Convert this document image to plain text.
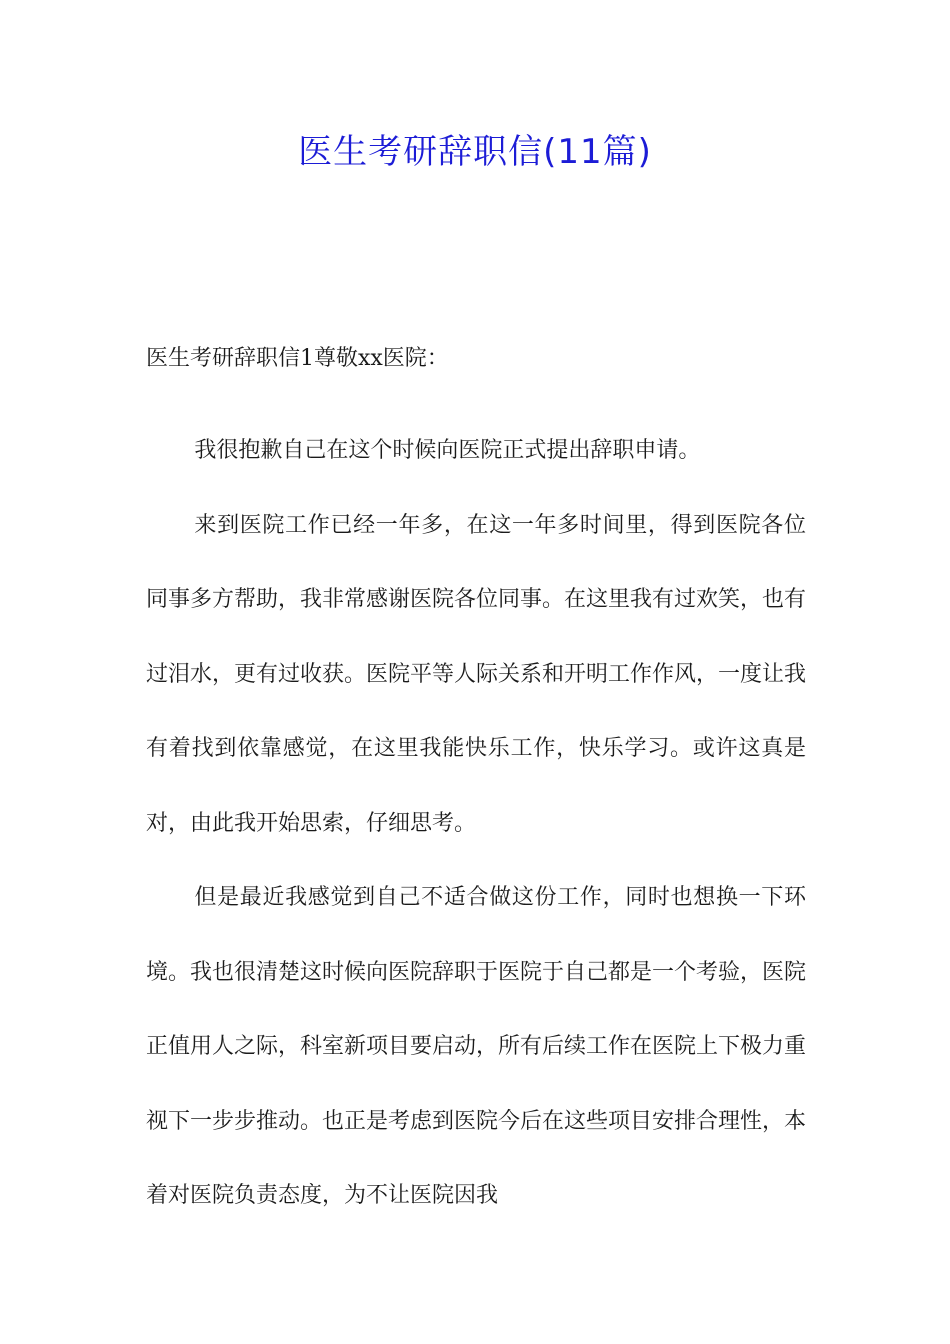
医生考研辞职信(11篇)

医生考研辞职信1尊敬xx医院：

我很抱歉自己在这个时候向医院正式提出辞职申请。

来到医院工作已经一年多，在这一年多时间里，得到医院各位同事多方帮助，我非常感谢医院各位同事。在这里我有过欢笑，也有过泪水，更有过收获。医院平等人际关系和开明工作作风，一度让我有着找到依靠感觉，在这里我能快乐工作，快乐学习。或许这真是对，由此我开始思索，仔细思考。

但是最近我感觉到自己不适合做这份工作，同时也想换一下环境。我也很清楚这时候向医院辞职于医院于自己都是一个考验，医院正值用人之际，科室新项目要启动，所有后续工作在医院上下极力重视下一步步推动。也正是考虑到医院今后在这些项目安排合理性，本着对医院负责态度，为不让医院因我
